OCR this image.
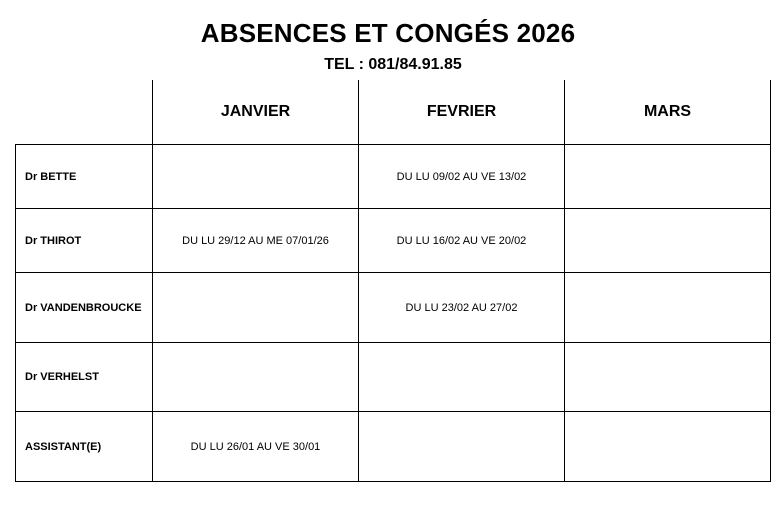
ABSENCES ET CONGÉS 2026
TEL : 081/84.91.85
	JANVIER	FEVRIER	MARS
Dr BETTE		DU LU 09/02 AU VE 13/02	
Dr THIROT	DU LU 29/12 AU ME 07/01/26	DU LU 16/02 AU VE 20/02	
Dr VANDENBROUCKE		DU LU 23/02 AU 27/02	
Dr VERHELST			
ASSISTANT(E)	DU LU 26/01 AU VE 30/01		
